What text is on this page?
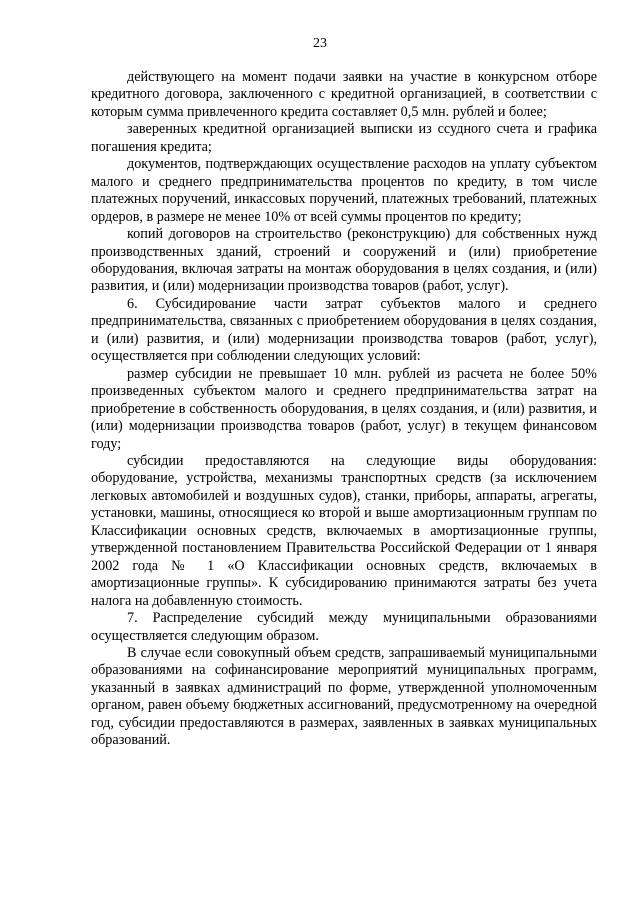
23

действующего на момент подачи заявки на участие в конкурсном отборе кредитного договора, заключенного с кредитной организацией, в соответствии с которым сумма привлеченного кредита составляет 0,5 млн. рублей и более;

заверенных кредитной организацией выписки из ссудного счета и графика погашения кредита;

документов, подтверждающих осуществление расходов на уплату субъектом малого и среднего предпринимательства процентов по кредиту, в том числе платежных поручений, инкассовых поручений, платежных требований, платежных ордеров, в размере не менее 10% от всей суммы процентов по кредиту;

копий договоров на строительство (реконструкцию) для собственных нужд производственных зданий, строений и сооружений и (или) приобретение оборудования, включая затраты на монтаж оборудования в целях создания, и (или) развития, и (или) модернизации производства товаров (работ, услуг).

6. Субсидирование части затрат субъектов малого и среднего предпринимательства, связанных с приобретением оборудования в целях создания, и (или) развития, и (или) модернизации производства товаров (работ, услуг), осуществляется при соблюдении следующих условий:

размер субсидии не превышает 10 млн. рублей из расчета не более 50% произведенных субъектом малого и среднего предпринимательства затрат на приобретение в собственность оборудования, в целях создания, и (или) развития, и (или) модернизации производства товаров (работ, услуг) в текущем финансовом году;

субсидии предоставляются на следующие виды оборудования: оборудование, устройства, механизмы транспортных средств (за исключением легковых автомобилей и воздушных судов), станки, приборы, аппараты, агрегаты, установки, машины, относящиеся ко второй и выше амортизационным группам по Классификации основных средств, включаемых в амортизационные группы, утвержденной постановлением Правительства Российской Федерации от 1 января 2002 года № 1 «О Классификации основных средств, включаемых в амортизационные группы». К субсидированию принимаются затраты без учета налога на добавленную стоимость.

7. Распределение субсидий между муниципальными образованиями осуществляется следующим образом.

В случае если совокупный объем средств, запрашиваемый муниципальными образованиями на софинансирование мероприятий муниципальных программ, указанный в заявках администраций по форме, утвержденной уполномоченным органом, равен объему бюджетных ассигнований, предусмотренному на очередной год, субсидии предоставляются в размерах, заявленных в заявках муниципальных образований.
